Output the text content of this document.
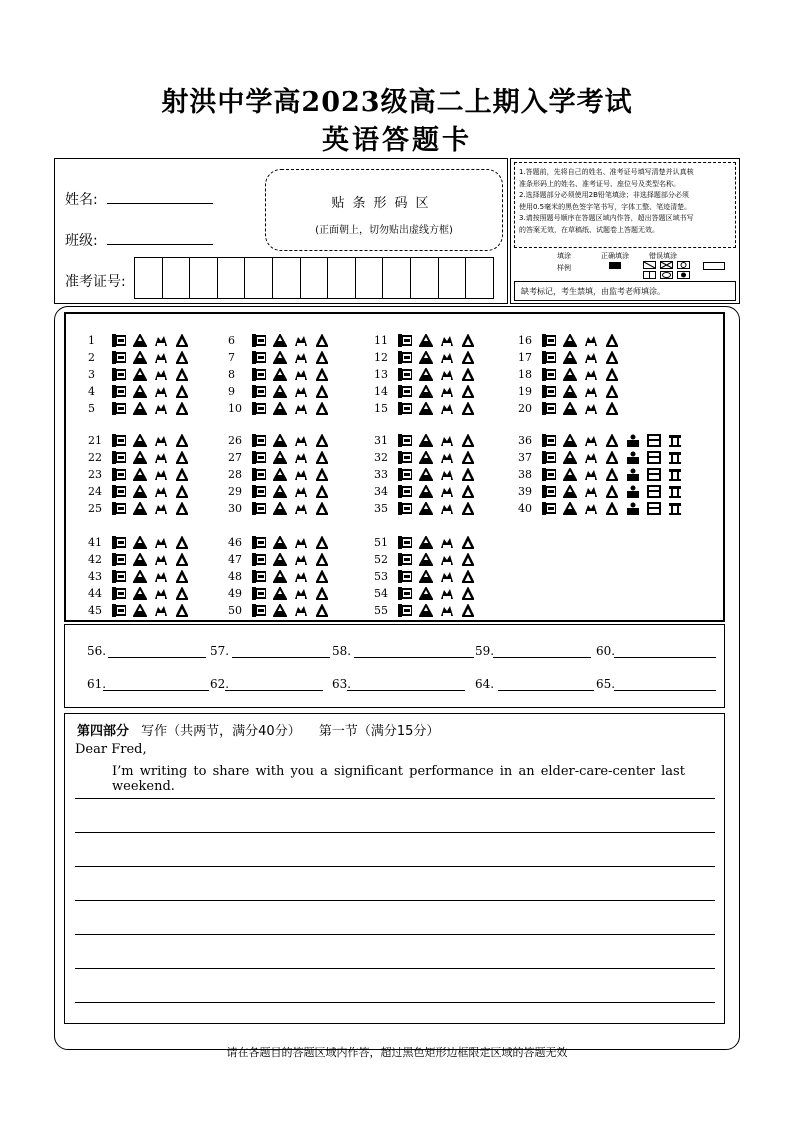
射洪中学高2023级高二上期入学考试
英语答题卡
姓名:
班级:
贴条形码区
(正面朝上，切勿贴出虚线方框)
准考证号:
1.答题前，先将自己的姓名、准考证号填写清楚并认真核
准条形码上的姓名、准考证号、座位号及类型名称。
2.选择题部分必须使用2B铅笔填涂；非选择题部分必须
使用0.5毫米的黑色签字笔书写，字体工整、笔迹清楚。
3.请按照题号顺序在答题区域内作答，超出答题区域书写
的答案无效，在草稿纸、试题卷上答题无效。
填涂
样例
正确填涂	错误填涂
缺考标记，考生禁填，由监考老师填涂。
1
2
3
4
5
6
7
8
9
10
11
12
13
14
15
16
17
18
19
20
21
22
23
24
25
26
27
28
29
30
31
32
33
34
35
36
37
38
39
40
41
42
43
44
45
46
47
48
49
50
51
52
53
54
55
56.	57.	58.	59.	60.
61.	62.	63.	64.	65.
第四部分 写作（共两节，满分40分） 第一节（满分15分）
Dear Fred,
I’m writing to share with you a significant performance in an elder-care-center last weekend.
请在各题目的答题区域内作答，超过黑色矩形边框限定区域的答题无效
